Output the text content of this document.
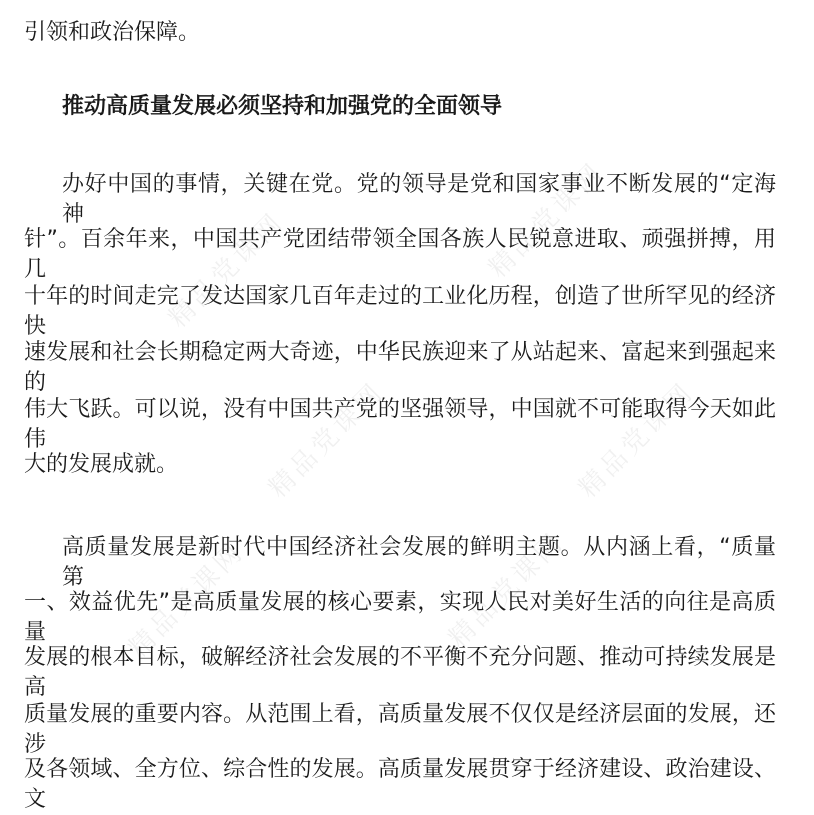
精品党课网	精品党课网
精品党课网	精品党课网
精品党课网	精品党课网
引领和政治保障。
推动高质量发展必须坚持和加强党的全面领导
办好中国的事情，关键在党。党的领导是党和国家事业不断发展的“定海神
针”。百余年来，中国共产党团结带领全国各族人民锐意进取、顽强拼搏，用几
十年的时间走完了发达国家几百年走过的工业化历程，创造了世所罕见的经济快
速发展和社会长期稳定两大奇迹，中华民族迎来了从站起来、富起来到强起来的
伟大飞跃。可以说，没有中国共产党的坚强领导，中国就不可能取得今天如此伟
大的发展成就。
高质量发展是新时代中国经济社会发展的鲜明主题。从内涵上看，“质量第
一、效益优先”是高质量发展的核心要素，实现人民对美好生活的向往是高质量
发展的根本目标，破解经济社会发展的不平衡不充分问题、推动可持续发展是高
质量发展的重要内容。从范围上看，高质量发展不仅仅是经济层面的发展，还涉
及各领域、全方位、综合性的发展。高质量发展贯穿于经济建设、政治建设、文
